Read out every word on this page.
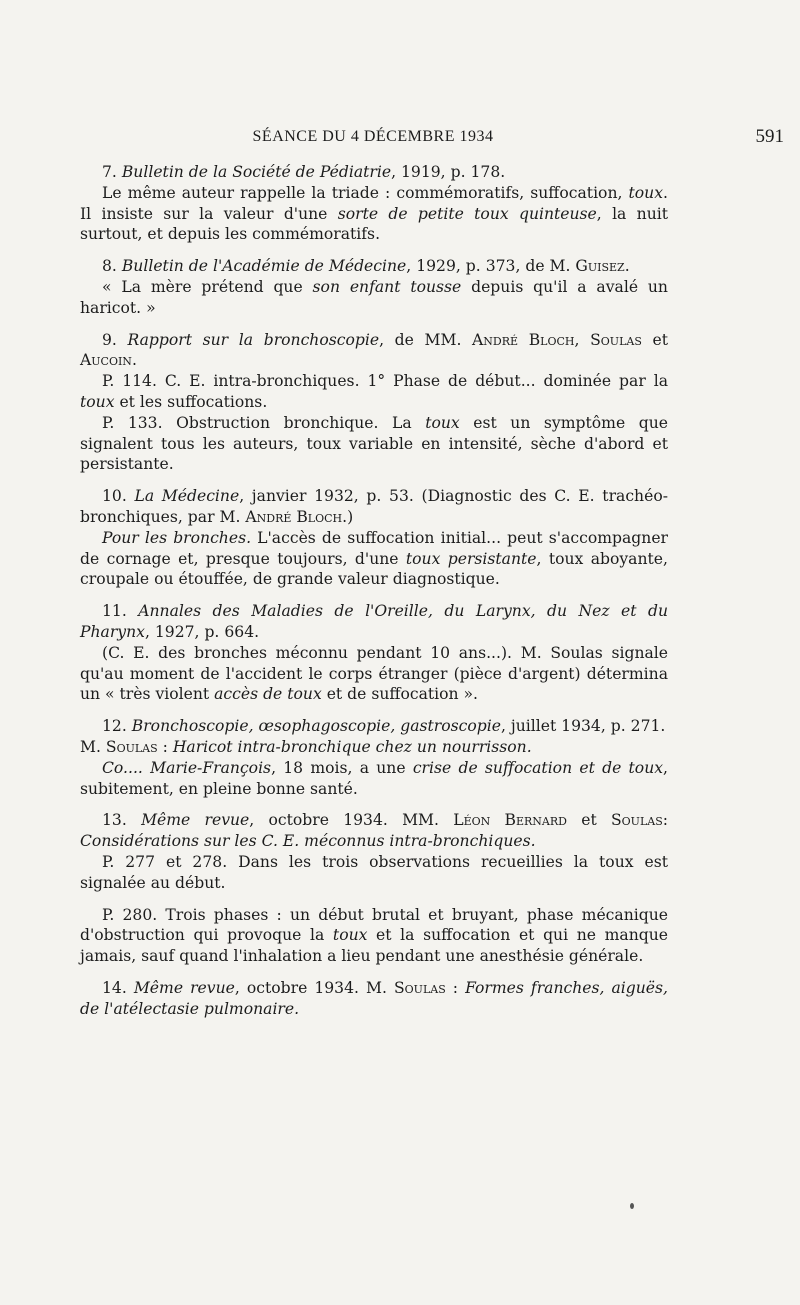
SÉANCE DU 4 DÉCEMBRE 1934	591

7. Bulletin de la Société de Pédiatrie, 1919, p. 178.

Le même auteur rappelle la triade : commémoratifs, suffocation, toux. Il insiste sur la valeur d'une sorte de petite toux quinteuse, la nuit surtout, et depuis les commémoratifs.

8. Bulletin de l'Académie de Médecine, 1929, p. 373, de M. Guisez.

« La mère prétend que son enfant tousse depuis qu'il a avalé un haricot. »

9. Rapport sur la bronchoscopie, de MM. André Bloch, Soulas et Aucoin.

P. 114. C. E. intra-bronchiques. 1° Phase de début... dominée par la toux et les suffocations.

P. 133. Obstruction bronchique. La toux est un symptôme que signalent tous les auteurs, toux variable en intensité, sèche d'abord et persistante.

10. La Médecine, janvier 1932, p. 53. (Diagnostic des C. E. trachéo-bronchiques, par M. André Bloch.)

Pour les bronches. L'accès de suffocation initial... peut s'accompagner de cornage et, presque toujours, d'une toux persistante, toux aboyante, croupale ou étouffée, de grande valeur diagnostique.

11. Annales des Maladies de l'Oreille, du Larynx, du Nez et du Pharynx, 1927, p. 664.

(C. E. des bronches méconnu pendant 10 ans...). M. Soulas signale qu'au moment de l'accident le corps étranger (pièce d'argent) détermina un « très violent accès de toux et de suffocation ».

12. Bronchoscopie, œsophagoscopie, gastroscopie, juillet 1934, p. 271.

M. Soulas : Haricot intra-bronchique chez un nourrisson.

Co.... Marie-François, 18 mois, a une crise de suffocation et de toux, subitement, en pleine bonne santé.

13. Même revue, octobre 1934. MM. Léon Bernard et Soulas: Considérations sur les C. E. méconnus intra-bronchiques.

P. 277 et 278. Dans les trois observations recueillies la toux est signalée au début.

P. 280. Trois phases : un début brutal et bruyant, phase mécanique d'obstruction qui provoque la toux et la suffocation et qui ne manque jamais, sauf quand l'inhalation a lieu pendant une anesthésie générale.

14. Même revue, octobre 1934. M. Soulas : Formes franches, aiguës, de l'atélectasie pulmonaire.
